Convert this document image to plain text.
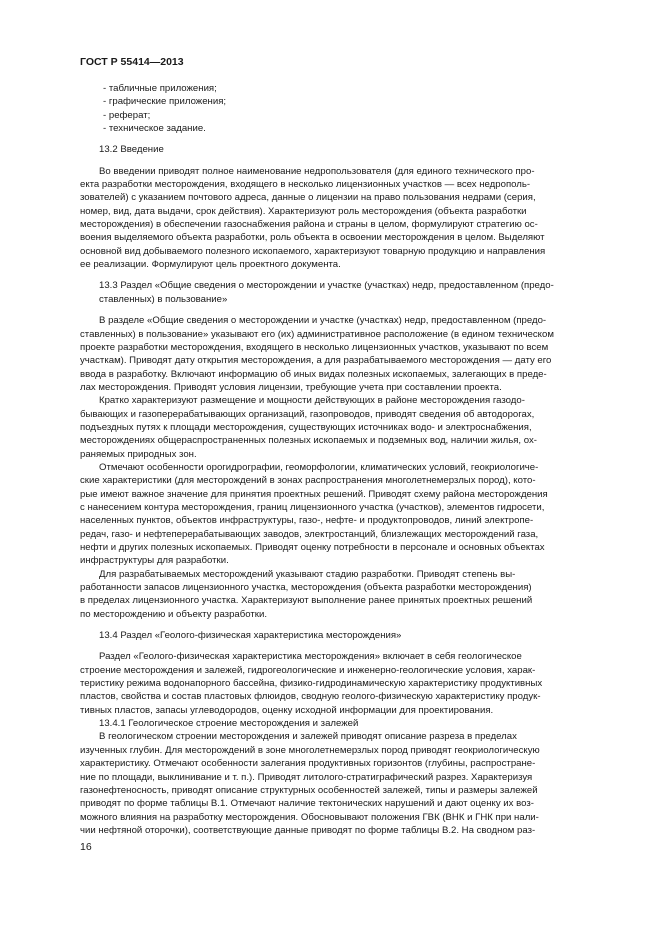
ГОСТ Р 55414—2013

- табличные приложения;

- графические приложения;

- реферат;

- техническое задание.

13.2 Введение

Во введении приводят полное наименование недропользователя (для единого технического про-

екта разработки месторождения, входящего в несколько лицензионных участков — всех недрополь-

зователей) с указанием почтового адреса, данные о лицензии на право пользования недрами (серия,

номер, вид, дата выдачи, срок действия). Характеризуют роль месторождения (объекта разработки

месторождения) в обеспечении газоснабжения района и страны в целом, формулируют стратегию ос-

воения выделяемого объекта разработки, роль объекта в освоении месторождения в целом. Выделяют

основной вид добываемого полезного ископаемого, характеризуют товарную продукцию и направления

ее реализации. Формулируют цель проектного документа.

13.3 Раздел «Общие сведения о месторождении и участке (участках) недр, предоставленном (предо-

ставленных) в пользование»

В разделе «Общие сведения о месторождении и участке (участках) недр, предоставленном (предо-

ставленных) в пользование» указывают его (их) административное расположение (в едином техническом

проекте разработки месторождения, входящего в несколько лицензионных участков, указывают по всем

участкам). Приводят дату открытия месторождения, а для разрабатываемого месторождения — дату его

ввода в разработку. Включают информацию об иных видах полезных ископаемых, залегающих в преде-

лах месторождения. Приводят условия лицензии, требующие учета при составлении проекта.

Кратко характеризуют размещение и мощности действующих в районе месторождения газодо-

бывающих и газоперерабатывающих организаций, газопроводов, приводят сведения об автодорогах,

подъездных путях к площади месторождения, существующих источниках водо- и электроснабжения,

месторождениях общераспространенных полезных ископаемых и подземных вод, наличии жилья, ох-

раняемых природных зон.

Отмечают особенности орогидрографии, геоморфологии, климатических условий, геокриологиче-

ские характеристики (для месторождений в зонах распространения многолетнемерзлых пород), кото-

рые имеют важное значение для принятия проектных решений. Приводят схему района месторождения

с нанесением контура месторождения, границ лицензионного участка (участков), элементов гидросети,

населенных пунктов, объектов инфраструктуры, газо-, нефте- и продуктопроводов, линий электропе-

редач, газо- и нефтеперерабатывающих заводов, электростанций, близлежащих месторождений газа,

нефти и других полезных ископаемых. Приводят оценку потребности в персонале и основных объектах

инфраструктуры для разработки.

Для разрабатываемых месторождений указывают стадию разработки. Приводят степень вы-

работанности запасов лицензионного участка, месторождения (объекта разработки месторождения)

в пределах лицензионного участка. Характеризуют выполнение ранее принятых проектных решений

по месторождению и объекту разработки.

13.4 Раздел «Геолого-физическая характеристика месторождения»

Раздел «Геолого-физическая характеристика месторождения» включает в себя геологическое

строение месторождения и залежей, гидрогеологические и инженерно-геологические условия, харак-

теристику режима водонапорного бассейна, физико-гидродинамическую характеристику продуктивных

пластов, свойства и состав пластовых флюидов, сводную геолого-физическую характеристику продук-

тивных пластов, запасы углеводородов, оценку исходной информации для проектирования.

13.4.1 Геологическое строение месторождения и залежей

В геологическом строении месторождения и залежей приводят описание разреза в пределах

изученных глубин. Для месторождений в зоне многолетнемерзлых пород приводят геокриологическую

характеристику. Отмечают особенности залегания продуктивных горизонтов (глубины, распростране-

ние по площади, выклинивание и т. п.). Приводят литолого-стратиграфический разрез. Характеризуя

газонефтеносность, приводят описание структурных особенностей залежей, типы и размеры залежей

приводят по форме таблицы В.1. Отмечают наличие тектонических нарушений и дают оценку их воз-

можного влияния на разработку месторождения. Обосновывают положения ГВК (ВНК и ГНК при нали-

чии нефтяной оторочки), соответствующие данные приводят по форме таблицы В.2. На сводном раз-

16
